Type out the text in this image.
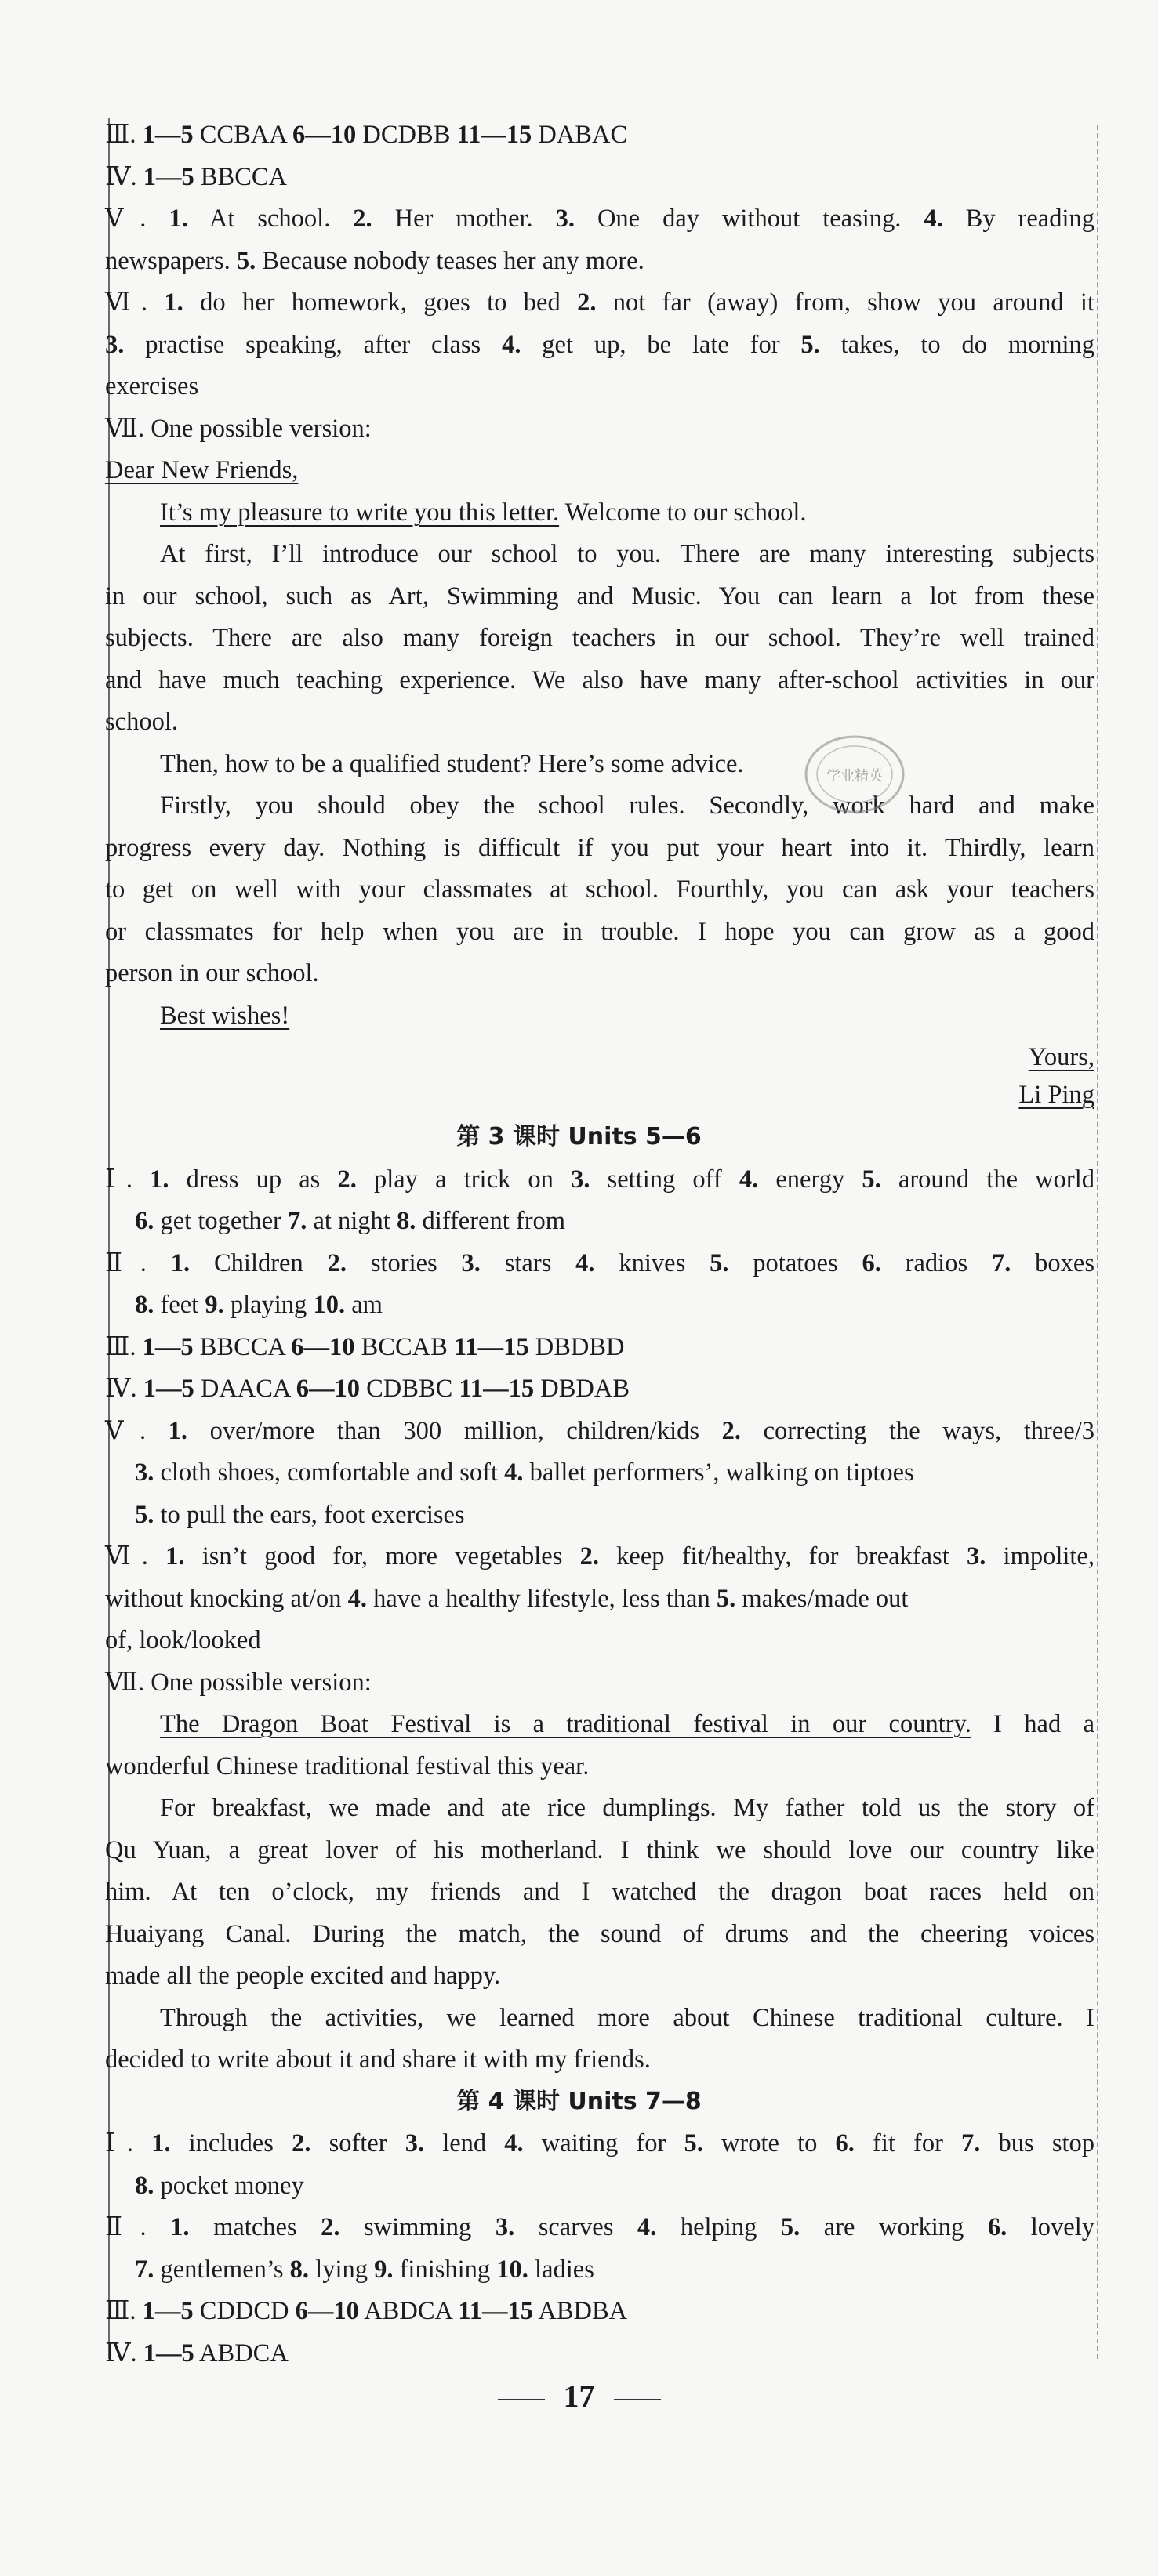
Ⅲ. 1—5 CCBAA 6—10 DCDBB 11—15 DABAC
Ⅳ. 1—5 BBCCA
Ⅴ. 1. At school. 2. Her mother. 3. One day without teasing. 4. By reading
newspapers. 5. Because nobody teases her any more.
Ⅵ. 1. do her homework, goes to bed 2. not far (away) from, show you around it
3. practise speaking, after class 4. get up, be late for 5. takes, to do morning
exercises
Ⅶ. One possible version:
Dear New Friends,
It’s my pleasure to write you this letter. Welcome to our school.
At first, I’ll introduce our school to you. There are many interesting subjects
in our school, such as Art, Swimming and Music. You can learn a lot from these
subjects. There are also many foreign teachers in our school. They’re well trained
and have much teaching experience. We also have many after-school activities in our
school.
Then, how to be a qualified student? Here’s some advice.
Firstly, you should obey the school rules. Secondly, work hard and make
progress every day. Nothing is difficult if you put your heart into it. Thirdly, learn
to get on well with your classmates at school. Fourthly, you can ask your teachers
or classmates for help when you are in trouble. I hope you can grow as a good
person in our school.
Best wishes!
Yours,
Li Ping
学业精英
第 3 课时 Units 5—6
Ⅰ. 1. dress up as 2. play a trick on 3. setting off 4. energy 5. around the world
6. get together 7. at night 8. different from
Ⅱ. 1. Children 2. stories 3. stars 4. knives 5. potatoes 6. radios 7. boxes
8. feet 9. playing 10. am
Ⅲ. 1—5 BBCCA 6—10 BCCAB 11—15 DBDBD
Ⅳ. 1—5 DAACA 6—10 CDBBC 11—15 DBDAB
Ⅴ. 1. over/more than 300 million, children/kids 2. correcting the ways, three/3
3. cloth shoes, comfortable and soft 4. ballet performers’, walking on tiptoes
5. to pull the ears, foot exercises
Ⅵ. 1. isn’t good for, more vegetables 2. keep fit/healthy, for breakfast 3. impolite,
without knocking at/on 4. have a healthy lifestyle, less than 5. makes/made out
of, look/looked
Ⅶ. One possible version:
The Dragon Boat Festival is a traditional festival in our country. I had a
wonderful Chinese traditional festival this year.
For breakfast, we made and ate rice dumplings. My father told us the story of
Qu Yuan, a great lover of his motherland. I think we should love our country like
him. At ten o’clock, my friends and I watched the dragon boat races held on
Huaiyang Canal. During the match, the sound of drums and the cheering voices
made all the people excited and happy.
Through the activities, we learned more about Chinese traditional culture. I
decided to write about it and share it with my friends.
第 4 课时 Units 7—8
Ⅰ. 1. includes 2. softer 3. lend 4. waiting for 5. wrote to 6. fit for 7. bus stop
8. pocket money
Ⅱ. 1. matches 2. swimming 3. scarves 4. helping 5. are working 6. lovely
7. gentlemen’s 8. lying 9. finishing 10. ladies
Ⅲ. 1—5 CDDCD 6—10 ABDCA 11—15 ABDBA
Ⅳ. 1—5 ABDCA
17
